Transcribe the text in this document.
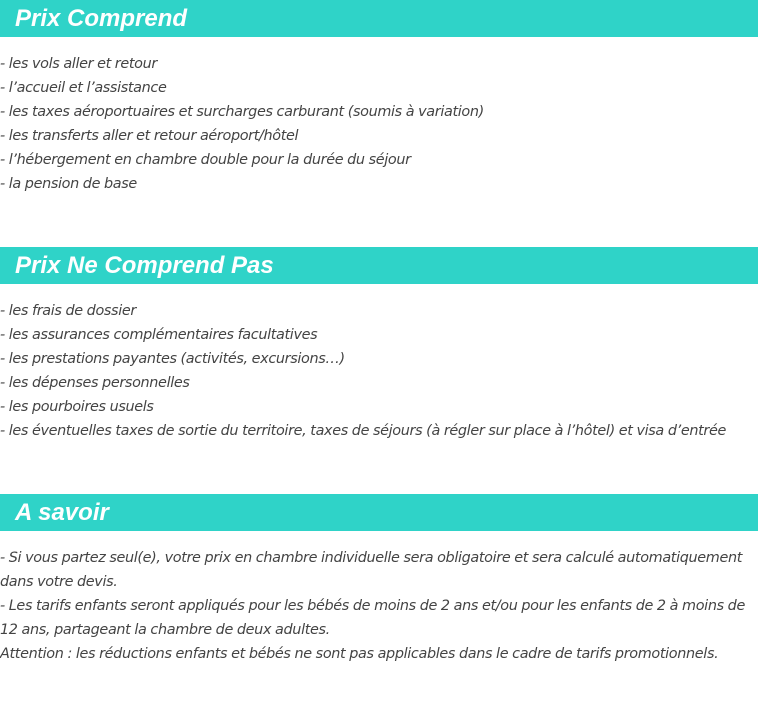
Prix Comprend
- les vols aller et retour
- l’accueil et l’assistance
- les taxes aéroportuaires et surcharges carburant (soumis à variation)
- les transferts aller et retour aéroport/hôtel
- l’hébergement en chambre double pour la durée du séjour
- la pension de base
Prix Ne Comprend Pas
- les frais de dossier
- les assurances complémentaires facultatives
- les prestations payantes (activités, excursions…)
- les dépenses personnelles
- les pourboires usuels
- les éventuelles taxes de sortie du territoire, taxes de séjours (à régler sur place à l’hôtel) et visa d’entrée
A savoir
- Si vous partez seul(e), votre prix en chambre individuelle sera obligatoire et sera calculé automatiquement dans votre devis.
- Les tarifs enfants seront appliqués pour les bébés de moins de 2 ans et/ou pour les enfants de 2 à moins de 12 ans, partageant la chambre de deux adultes.
Attention : les réductions enfants et bébés ne sont pas applicables dans le cadre de tarifs promotionnels.
